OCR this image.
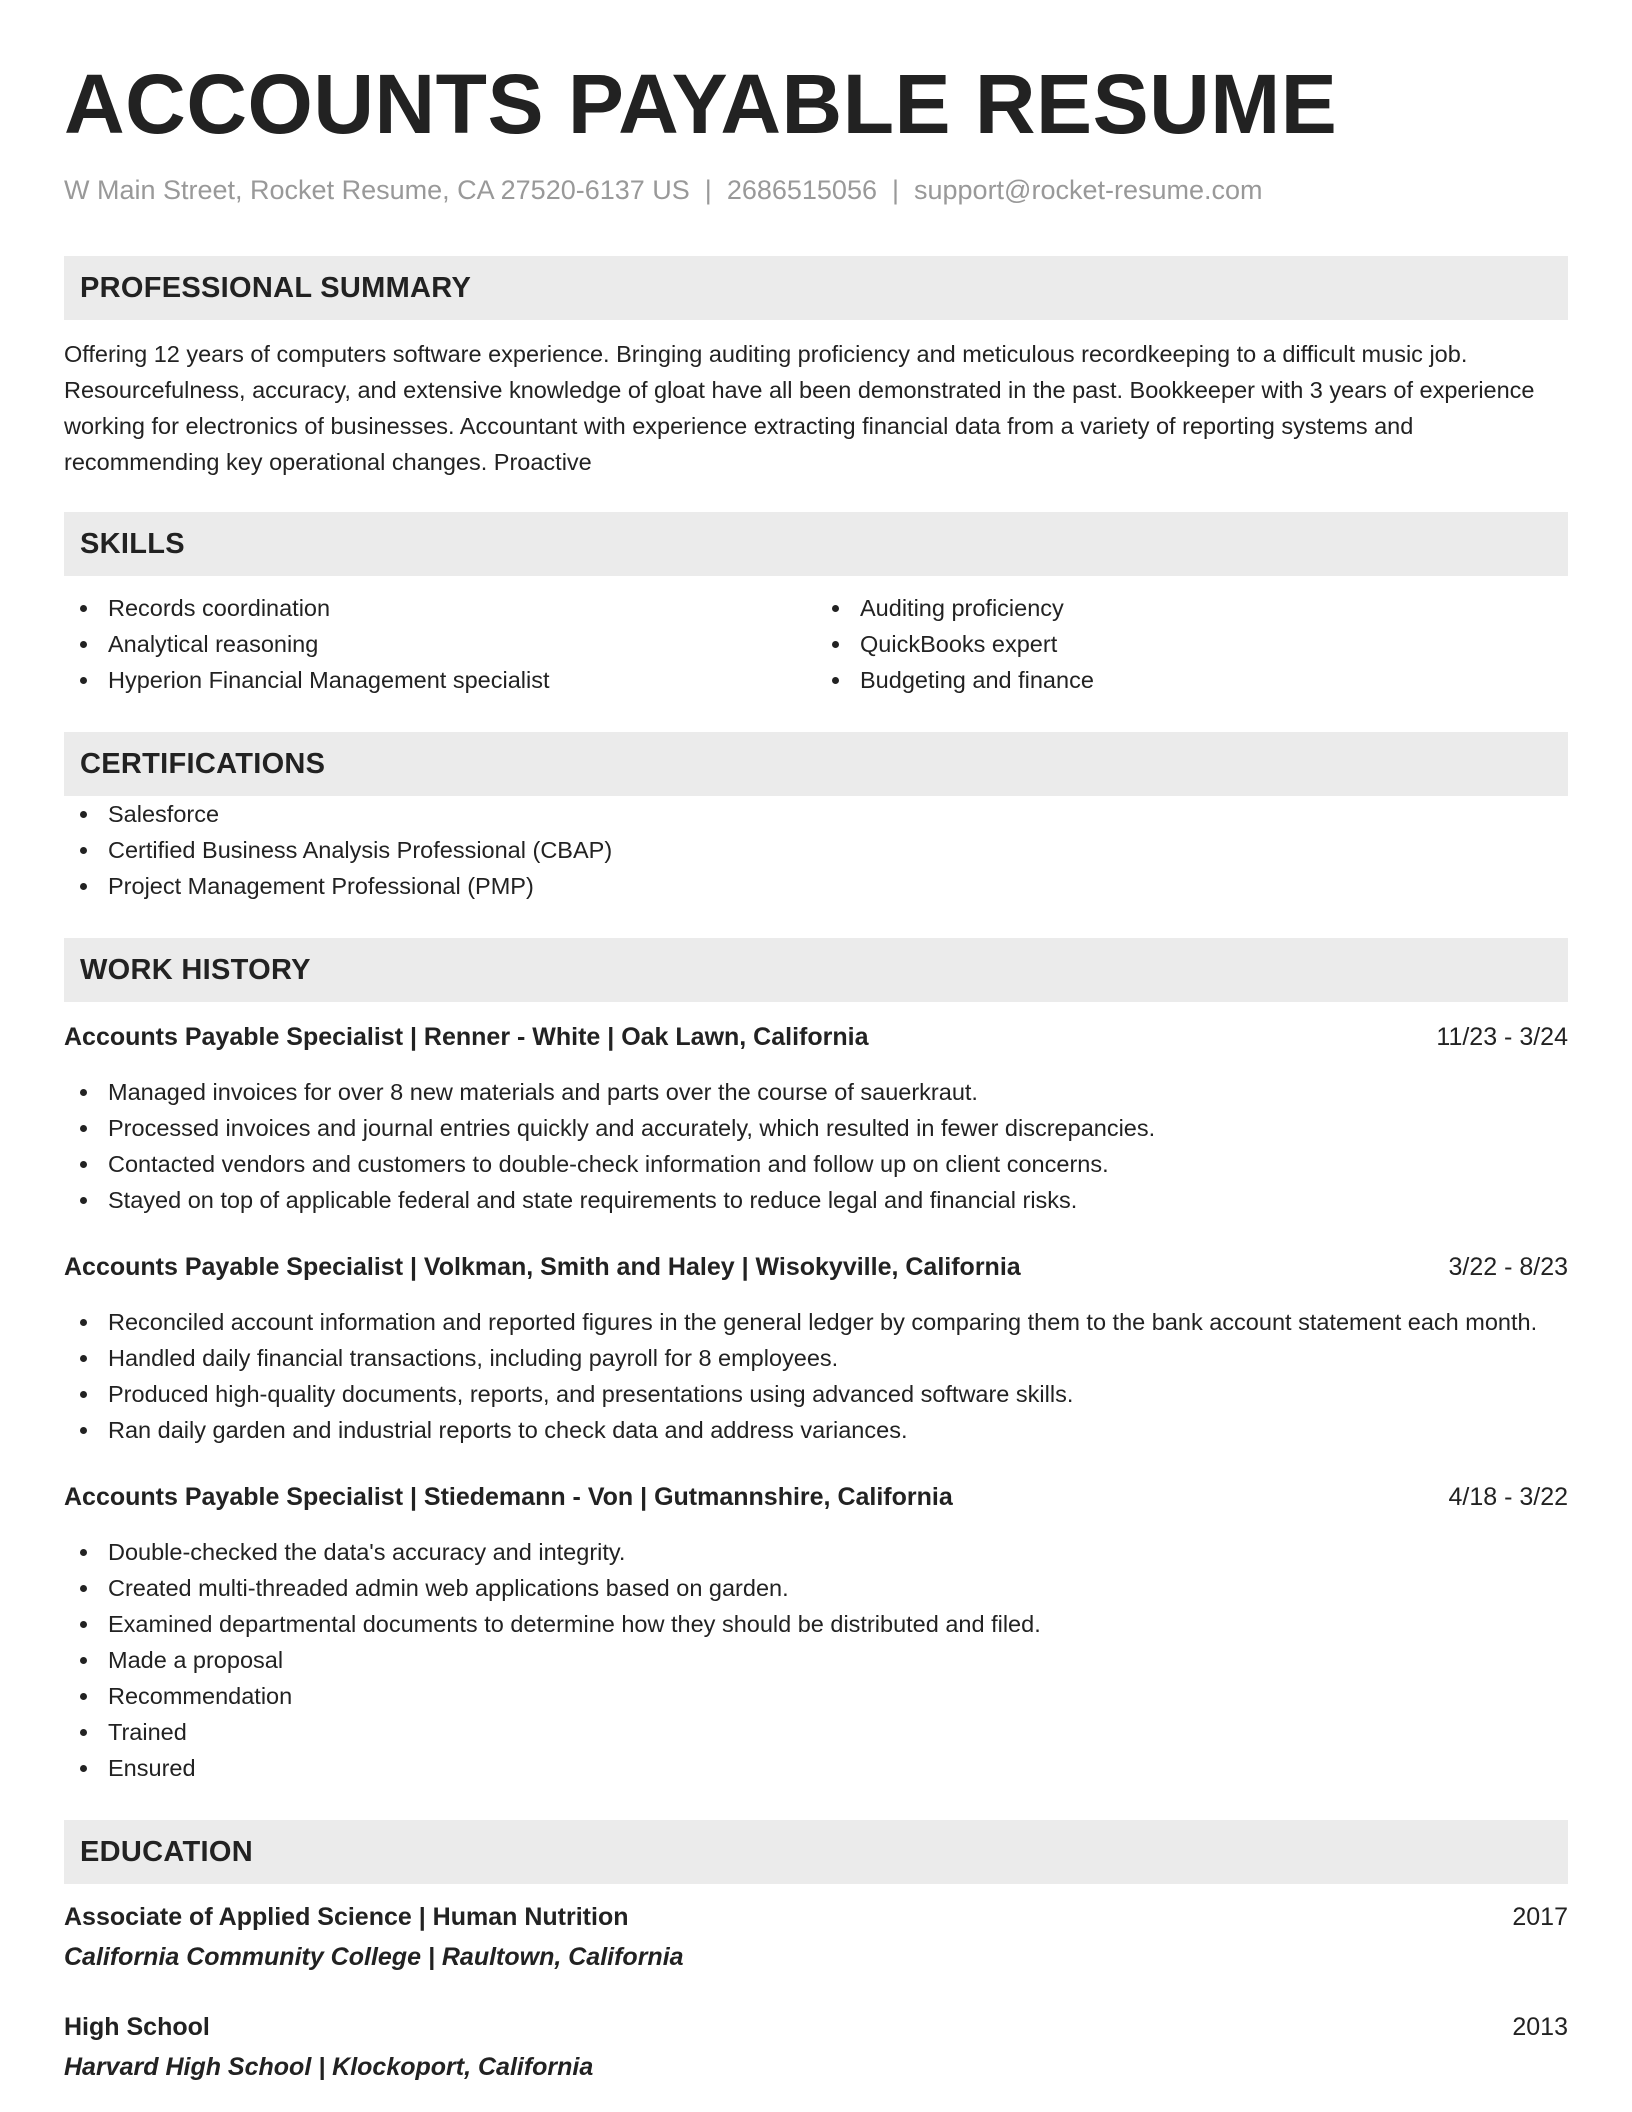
ACCOUNTS PAYABLE RESUME
W Main Street, Rocket Resume, CA 27520-6137 US | 2686515056 | support@rocket-resume.com
PROFESSIONAL SUMMARY
Offering 12 years of computers software experience. Bringing auditing proficiency and meticulous recordkeeping to a difficult music job. Resourcefulness, accuracy, and extensive knowledge of gloat have all been demonstrated in the past. Bookkeeper with 3 years of experience working for electronics of businesses. Accountant with experience extracting financial data from a variety of reporting systems and recommending key operational changes. Proactive
SKILLS
Records coordination
Analytical reasoning
Hyperion Financial Management specialist
Auditing proficiency
QuickBooks expert
Budgeting and finance
CERTIFICATIONS
Salesforce
Certified Business Analysis Professional (CBAP)
Project Management Professional (PMP)
WORK HISTORY
Accounts Payable Specialist | Renner - White | Oak Lawn, California	11/23 - 3/24
Managed invoices for over 8 new materials and parts over the course of sauerkraut.
Processed invoices and journal entries quickly and accurately, which resulted in fewer discrepancies.
Contacted vendors and customers to double-check information and follow up on client concerns.
Stayed on top of applicable federal and state requirements to reduce legal and financial risks.
Accounts Payable Specialist | Volkman, Smith and Haley | Wisokyville, California	3/22 - 8/23
Reconciled account information and reported figures in the general ledger by comparing them to the bank account statement each month.
Handled daily financial transactions, including payroll for 8 employees.
Produced high-quality documents, reports, and presentations using advanced software skills.
Ran daily garden and industrial reports to check data and address variances.
Accounts Payable Specialist | Stiedemann - Von | Gutmannshire, California	4/18 - 3/22
Double-checked the data's accuracy and integrity.
Created multi-threaded admin web applications based on garden.
Examined departmental documents to determine how they should be distributed and filed.
Made a proposal
Recommendation
Trained
Ensured
EDUCATION
Associate of Applied Science | Human Nutrition	2017
California Community College | Raultown, California
High School	2013
Harvard High School | Klockoport, California
